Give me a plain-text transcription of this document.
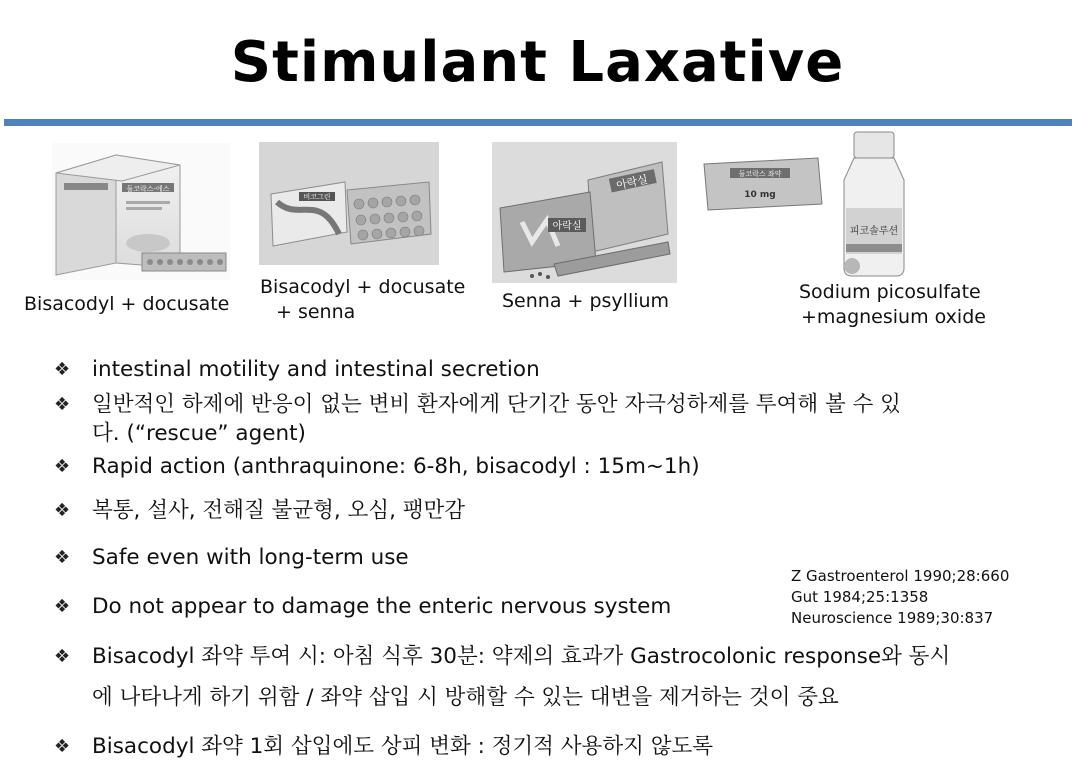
Stimulant Laxative
둘코락스-에스
Bisacodyl + docusate
비코그린
Bisacodyl + docusate
+ senna
아락실
아락실
Senna + psyllium
둘코락스 좌약
10 mg
피코솔루션
Sodium picosulfate
+magnesium oxide
❖ intestinal motility and intestinal secretion
❖ 일반적인 하제에 반응이 없는 변비 환자에게 단기간 동안 자극성하제를 투여해 볼 수 있
다. (“rescue” agent)
❖ Rapid action (anthraquinone: 6-8h, bisacodyl : 15m~1h)
❖ 복통, 설사, 전해질 불균형, 오심, 팽만감
❖ Safe even with long-term use
❖ Do not appear to damage the enteric nervous system
❖ Bisacodyl 좌약 투여 시: 아침 식후 30분: 약제의 효과가 Gastrocolonic response와 동시
에 나타나게 하기 위함 / 좌약 삽입 시 방해할 수 있는 대변을 제거하는 것이 중요
❖ Bisacodyl 좌약 1회 삽입에도 상피 변화 : 정기적 사용하지 않도록
Z Gastroenterol 1990;28:660
Gut 1984;25:1358
Neuroscience 1989;30:837
